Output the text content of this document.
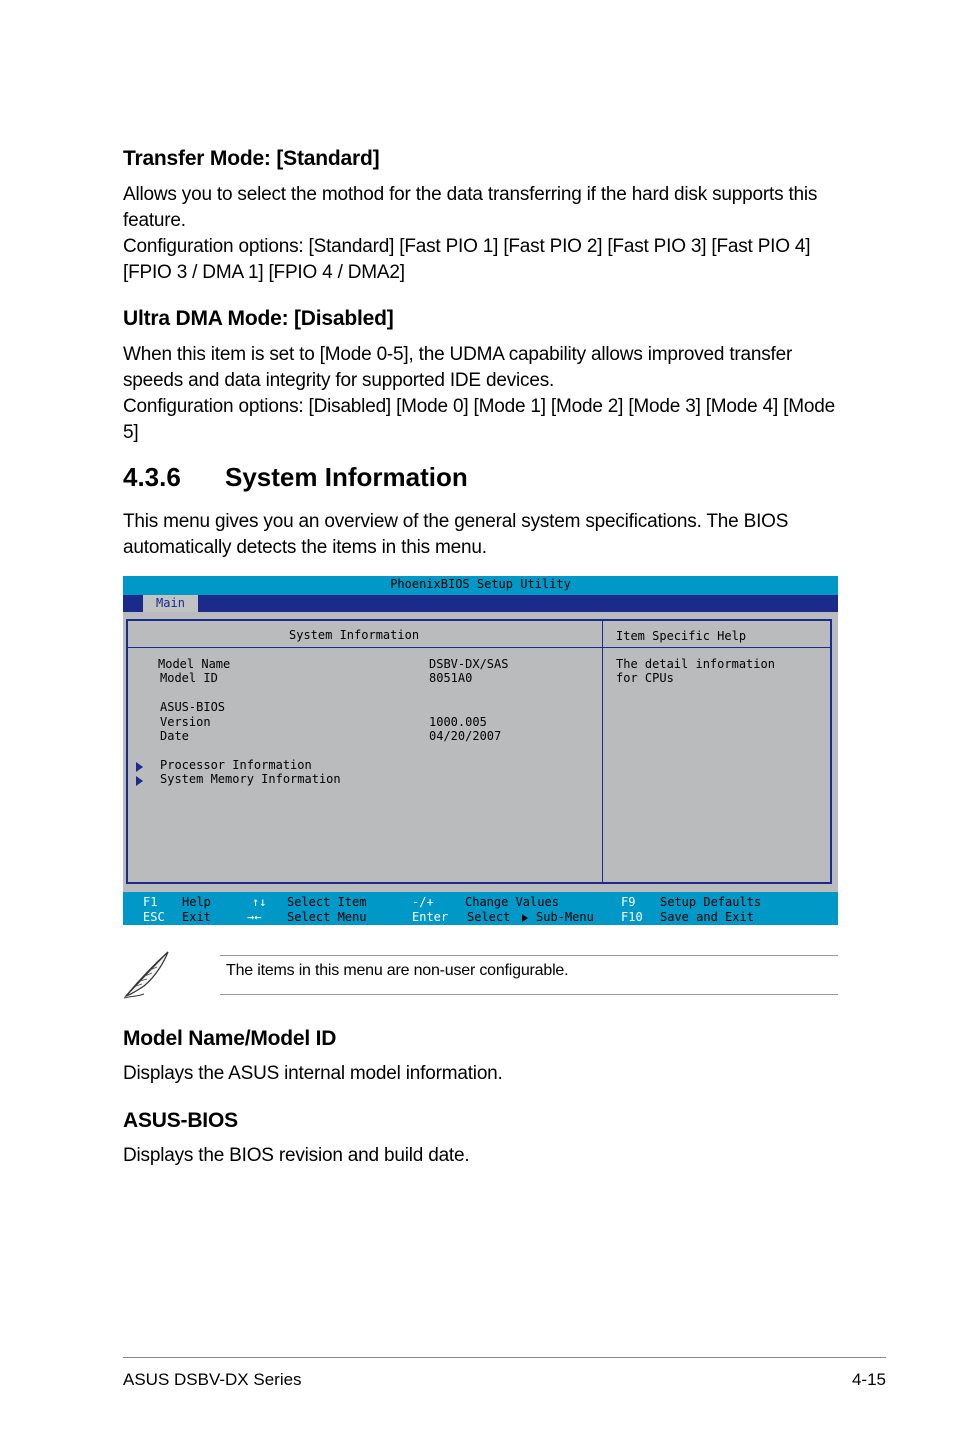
Transfer Mode: [Standard]

Allows you to select the mothod for the data transferring if the hard disk supports this feature.

Configuration options: [Standard] [Fast PIO 1] [Fast PIO 2] [Fast PIO 3] [Fast PIO 4] [FPIO 3 / DMA 1] [FPIO 4 / DMA2]

Ultra DMA Mode: [Disabled]

When this item is set to [Mode 0-5], the UDMA capability allows improved transfer speeds and data integrity for supported IDE devices.

Configuration options: [Disabled] [Mode 0] [Mode 1] [Mode 2] [Mode 3] [Mode 4] [Mode 5]

4.3.6 System Information

This menu gives you an overview of the general system specifications. The BIOS automatically detects the items in this menu.

PhoenixBIOS Setup Utility
Main
System Information	Item Specific Help
Model Name	DSBV-DX/SAS
Model ID	8051A0
ASUS-BIOS
Version	1000.005
Date	04/20/2007
Processor Information
System Memory Information
The detail information
for CPUs
F1 Help
ESC Exit
↑↓ Select Item
→← Select Menu
-/+	Change Values
Enter Select Sub-Menu
F9 Setup Defaults
F10 Save and Exit
The items in this menu are non-user configurable.
Model Name/Model ID

Displays the ASUS internal model information.

ASUS-BIOS

Displays the BIOS revision and build date.

ASUS DSBV-DX Series	4-15
